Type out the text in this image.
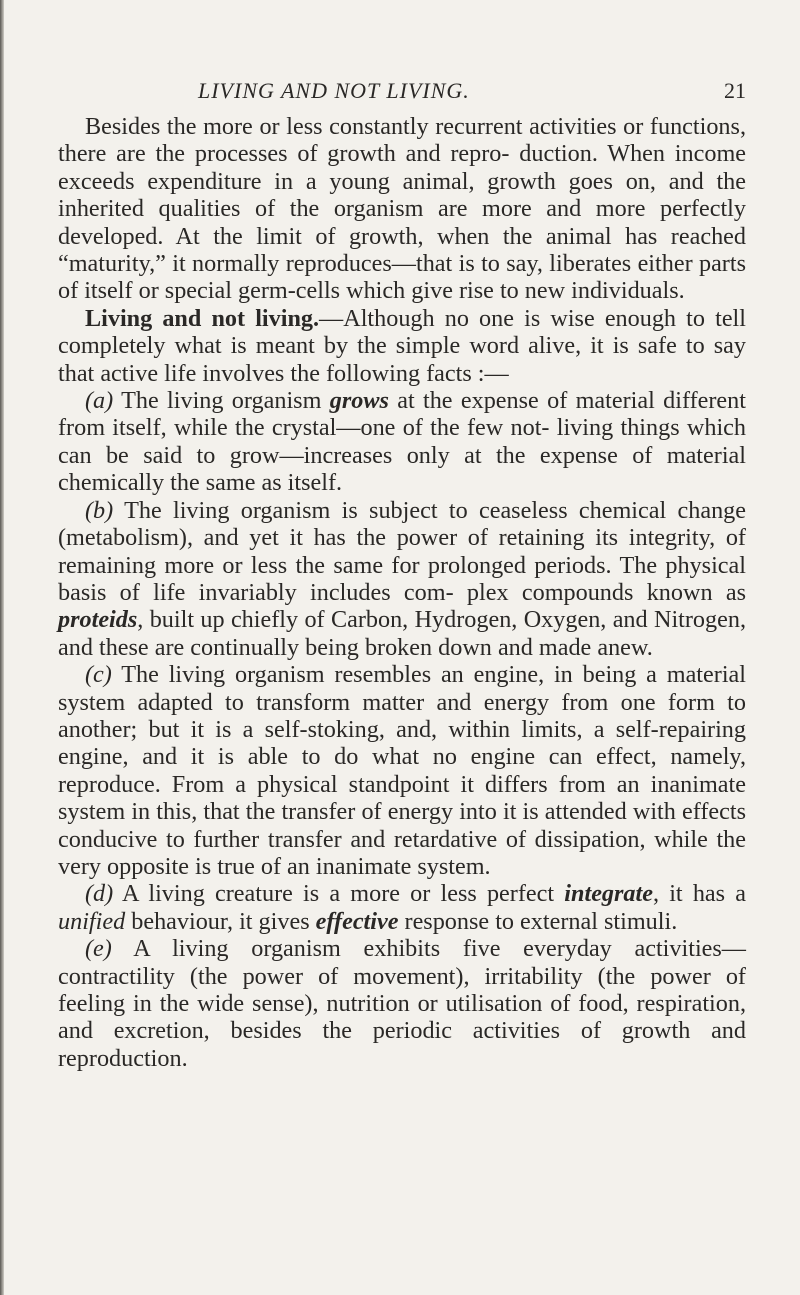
LIVING AND NOT LIVING.	21

Besides the more or less constantly recurrent activities or functions, there are the processes of growth and repro- duction. When income exceeds expenditure in a young animal, growth goes on, and the inherited qualities of the organism are more and more perfectly developed. At the limit of growth, when the animal has reached “maturity,” it normally reproduces—that is to say, liberates either parts of itself or special germ-cells which give rise to new individuals.

Living and not living.—Although no one is wise enough to tell completely what is meant by the simple word alive, it is safe to say that active life involves the following facts :—

(a) The living organism grows at the expense of material different from itself, while the crystal—one of the few not- living things which can be said to grow—increases only at the expense of material chemically the same as itself.

(b) The living organism is subject to ceaseless chemical change (metabolism), and yet it has the power of retaining its integrity, of remaining more or less the same for prolonged periods. The physical basis of life invariably includes com- plex compounds known as proteids, built up chiefly of Carbon, Hydrogen, Oxygen, and Nitrogen, and these are continually being broken down and made anew.

(c) The living organism resembles an engine, in being a material system adapted to transform matter and energy from one form to another; but it is a self-stoking, and, within limits, a self-repairing engine, and it is able to do what no engine can effect, namely, reproduce. From a physical standpoint it differs from an inanimate system in this, that the transfer of energy into it is attended with effects conducive to further transfer and retardative of dissipation, while the very opposite is true of an inanimate system.

(d) A living creature is a more or less perfect integrate, it has a unified behaviour, it gives effective response to external stimuli.

(e) A living organism exhibits five everyday activities— contractility (the power of movement), irritability (the power of feeling in the wide sense), nutrition or utilisation of food, respiration, and excretion, besides the periodic activities of growth and reproduction.
